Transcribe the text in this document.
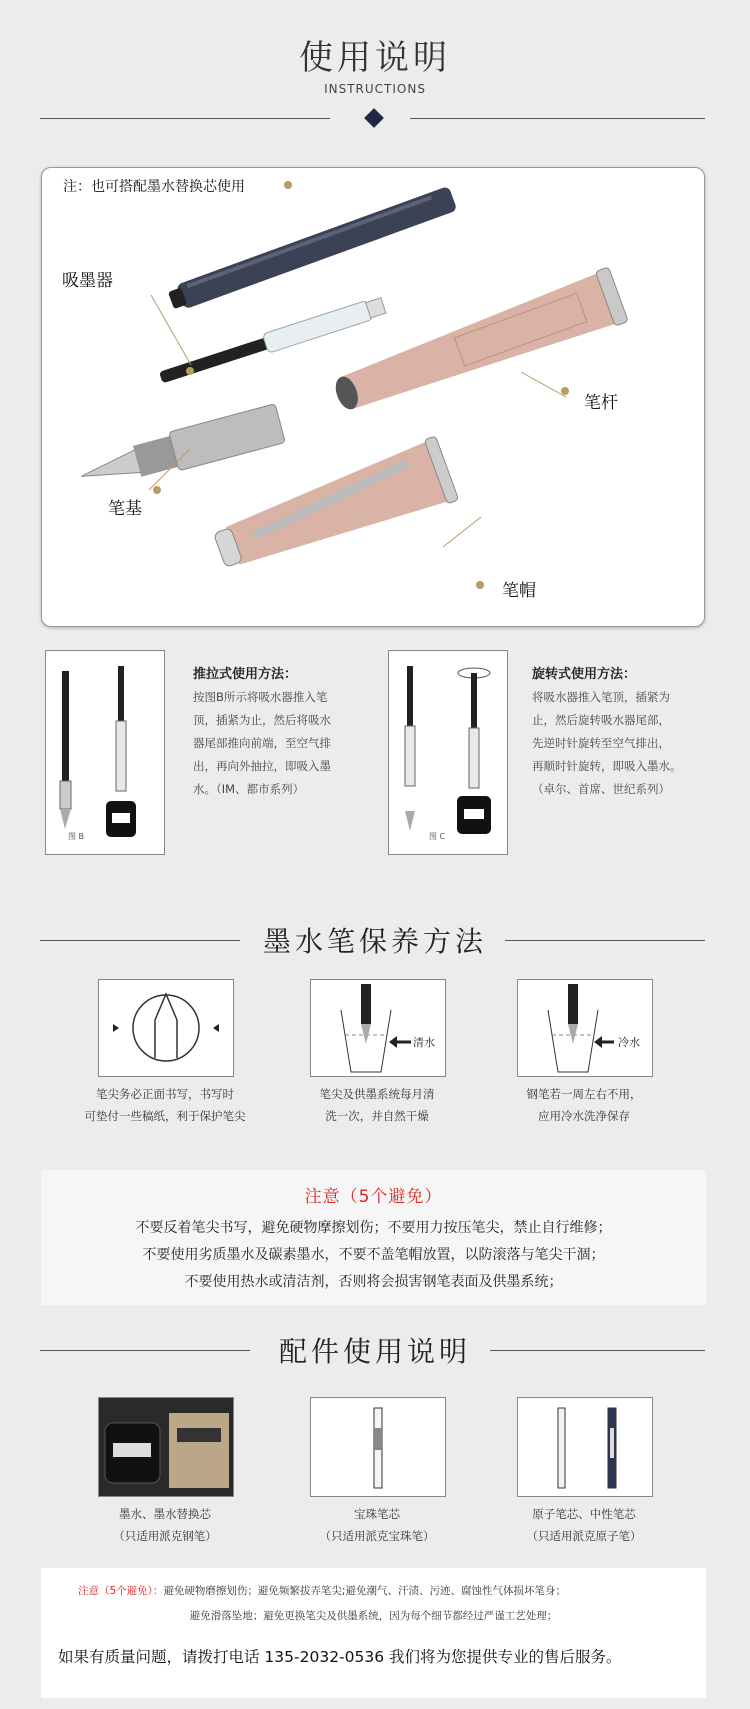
使用说明
INSTRUCTIONS
注：也可搭配墨水替换芯使用
吸墨器
笔杆
笔基
笔帽
图 B
推拉式使用方法：
按图B所示将吸水器推入笔
顶，插紧为止，然后将吸水
器尾部推向前端，至空气排
出，再向外抽拉，即吸入墨
水。（IM、都市系列）
图 C
旋转式使用方法：
将吸水器推入笔顶，插紧为
止，然后旋转吸水器尾部，
先逆时针旋转至空气排出，
再顺时针旋转，即吸入墨水。
（卓尔、首席、世纪系列）
墨水笔保养方法
清水	冷水
笔尖务必正面书写，书写时
可垫付一些稿纸，利于保护笔尖
笔尖及供墨系统每月清
洗一次，并自然干燥
钢笔若一周左右不用，
应用冷水洗净保存
注意（5个避免）
不要反着笔尖书写，避免硬物摩擦划伤；不要用力按压笔尖，禁止自行维修；
不要使用劣质墨水及碳素墨水，不要不盖笔帽放置，以防滚落与笔尖干涸；
不要使用热水或清洁剂，否则将会损害钢笔表面及供墨系统；
配件使用说明
墨水、墨水替换芯
（只适用派克钢笔）
宝珠笔芯
（只适用派克宝珠笔）
原子笔芯、中性笔芯
（只适用派克原子笔）
注意（5个避免）：避免硬物磨擦划伤；避免频繁拔弄笔尖;避免潮气、汗渍、污迹、腐蚀性气体损坏笔身；
避免滑落坠地；避免更换笔尖及供墨系统，因为每个细节都经过严谨工艺处理；
如果有质量问题，请拨打电话 135-2032-0536 我们将为您提供专业的售后服务。
